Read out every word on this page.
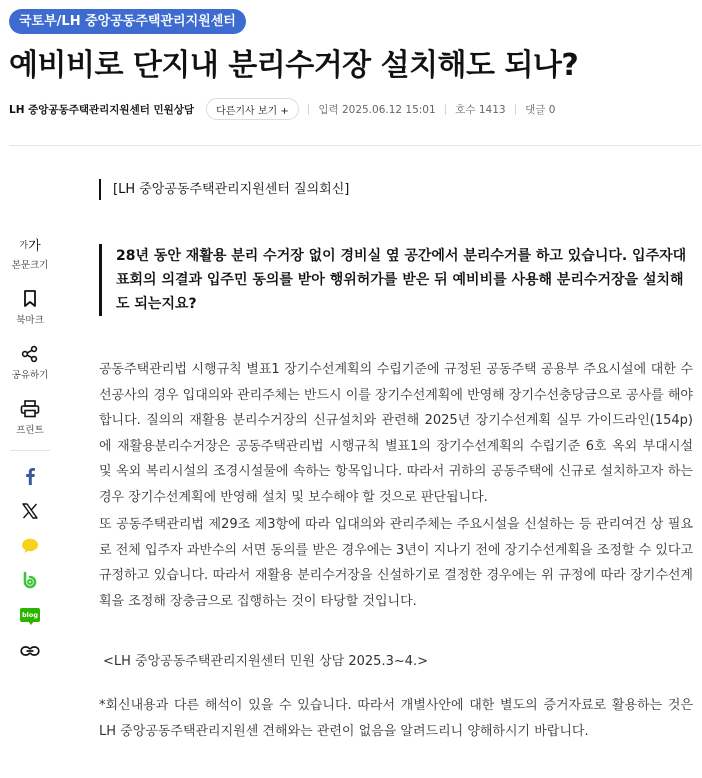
국토부/LH 중앙공동주택관리지원센터
예비비로 단지내 분리수거장 설치해도 되나?
LH 중앙공동주택관리지원센터 민원상담	다른기사 보기 +	| 입력 2025.06.12 15:01 | 호수 1413 | 댓글 0
가 가
본문크기
북마크
공유하기
프린트
blog
[LH 중앙공동주택관리지원센터 질의회신]
28년 동안 재활용 분리 수거장 없이 경비실 옆 공간에서 분리수거를 하고 있습니다. 입주자대표회의 의결과 입주민 동의를 받아 행위허가를 받은 뒤 예비비를 사용해 분리수거장을 설치해도 되는지요?

공동주택관리법 시행규칙 별표1 장기수선계획의 수립기준에 규정된 공동주택 공용부 주요시설에 대한 수선공사의 경우 입대의와 관리주체는 반드시 이를 장기수선계획에 반영해 장기수선충당금으로 공사를 해야 합니다. 질의의 재활용 분리수거장의 신규설치와 관련해 2025년 장기수선계획 실무 가이드라인(154p)에 재활용분리수거장은 공동주택관리법 시행규칙 별표1의 장기수선계획의 수립기준 6호 옥외 부대시설 및 옥외 복리시설의 조경시설물에 속하는 항목입니다. 따라서 귀하의 공동주택에 신규로 설치하고자 하는 경우 장기수선계획에 반영해 설치 및 보수해야 할 것으로 판단됩니다.

또 공동주택관리법 제29조 제3항에 따라 입대의와 관리주체는 주요시설을 신설하는 등 관리여건 상 필요로 전체 입주자 과반수의 서면 동의를 받은 경우에는 3년이 지나기 전에 장기수선계획을 조정할 수 있다고 규정하고 있습니다. 따라서 재활용 분리수거장을 신설하기로 결정한 경우에는 위 규정에 따라 장기수선계획을 조정해 장충금으로 집행하는 것이 타당할 것입니다.

<LH 중앙공동주택관리지원센터 민원 상담 2025.3~4.>

*회신내용과 다른 해석이 있을 수 있습니다. 따라서 개별사안에 대한 별도의 증거자료로 활용하는 것은 LH 중앙공동주택관리지원센 견해와는 관련이 없음을 알려드리니 양해하시기 바랍니다.
